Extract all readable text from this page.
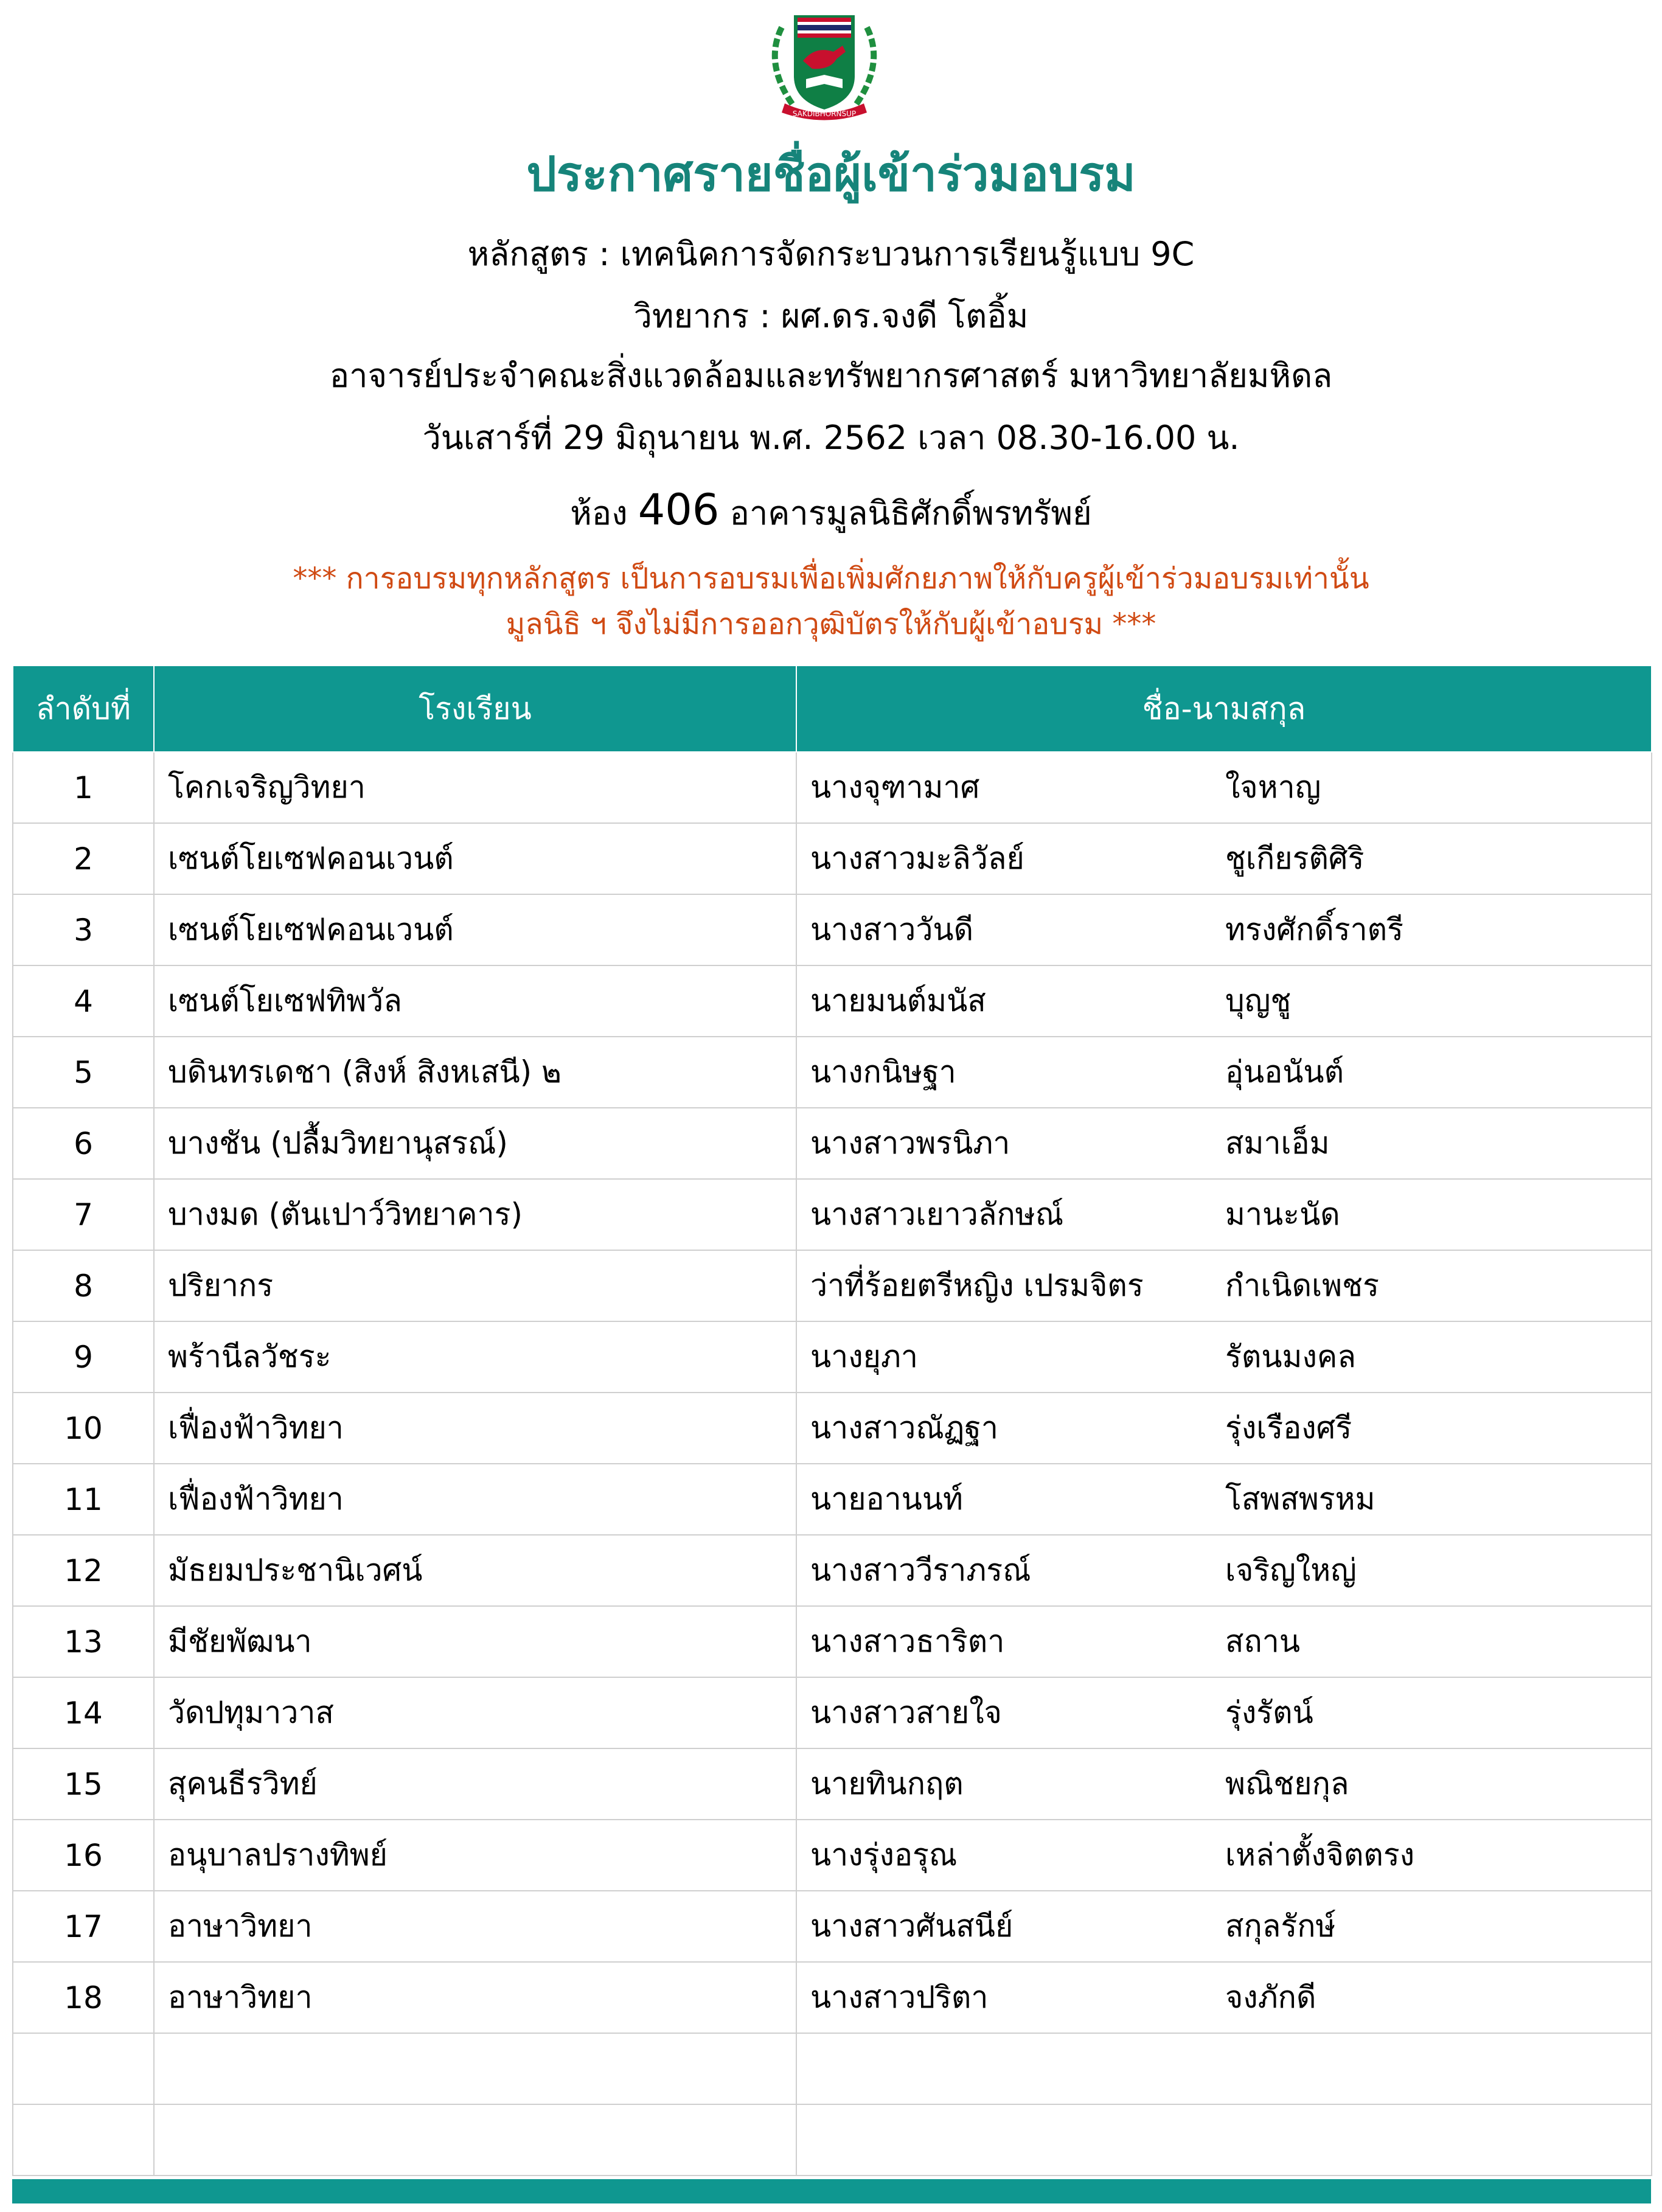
SAKDIBHORNSUP

ประกาศรายชื่อผู้เข้าร่วมอบรม

หลักสูตร : เทคนิคการจัดกระบวนการเรียนรู้แบบ 9C

วิทยากร : ผศ.ดร.จงดี โตอิ้ม

อาจารย์ประจำคณะสิ่งแวดล้อมและทรัพยากรศาสตร์ มหาวิทยาลัยมหิดล

วันเสาร์ที่ 29 มิถุนายน พ.ศ. 2562 เวลา 08.30-16.00 น.

ห้อง 406 อาคารมูลนิธิศักดิ์พรทรัพย์

*** การอบรมทุกหลักสูตร เป็นการอบรมเพื่อเพิ่มศักยภาพให้กับครูผู้เข้าร่วมอบรมเท่านั้น

มูลนิธิ ฯ จึงไม่มีการออกวุฒิบัตรให้กับผู้เข้าอบรม ***

ลำดับที่	โรงเรียน	ชื่อ-นามสกุล
1	โคกเจริญวิทยา	นางจุฑามาศ ใจหาญ
2	เซนต์โยเซฟคอนเวนต์	นางสาวมะลิวัลย์ ชูเกียรติศิริ
3	เซนต์โยเซฟคอนเวนต์	นางสาววันดี ทรงศักดิ์ราตรี
4	เซนต์โยเซฟทิพวัล	นายมนต์มนัส บุญชู
5	บดินทรเดชา (สิงห์ สิงหเสนี) ๒	นางกนิษฐา อุ่นอนันต์
6	บางชัน (ปลื้มวิทยานุสรณ์)	นางสาวพรนิภา สมาเอ็ม
7	บางมด (ตันเปาว์วิทยาคาร)	นางสาวเยาวลักษณ์ มานะนัด
8	ปริยากร	ว่าที่ร้อยตรีหญิง เปรมจิตร กำเนิดเพชร
9	พร้านีลวัชระ	นางยุภา รัตนมงคล
10	เฟื่องฟ้าวิทยา	นางสาวณัฏฐา รุ่งเรืองศรี
11	เฟื่องฟ้าวิทยา	นายอานนท์ โสพสพรหม
12	มัธยมประชานิเวศน์	นางสาววีราภรณ์ เจริญใหญ่
13	มีชัยพัฒนา	นางสาวธาริตา สถาน
14	วัดปทุมาวาส	นางสาวสายใจ รุ่งรัตน์
15	สุคนธีรวิทย์	นายทินกฤต พณิชยกุล
16	อนุบาลปรางทิพย์	นางรุ่งอรุณ เหล่าตั้งจิตตรง
17	อาษาวิทยา	นางสาวศันสนีย์ สกุลรักษ์
18	อาษาวิทยา	นางสาวปริตา จงภักดี
